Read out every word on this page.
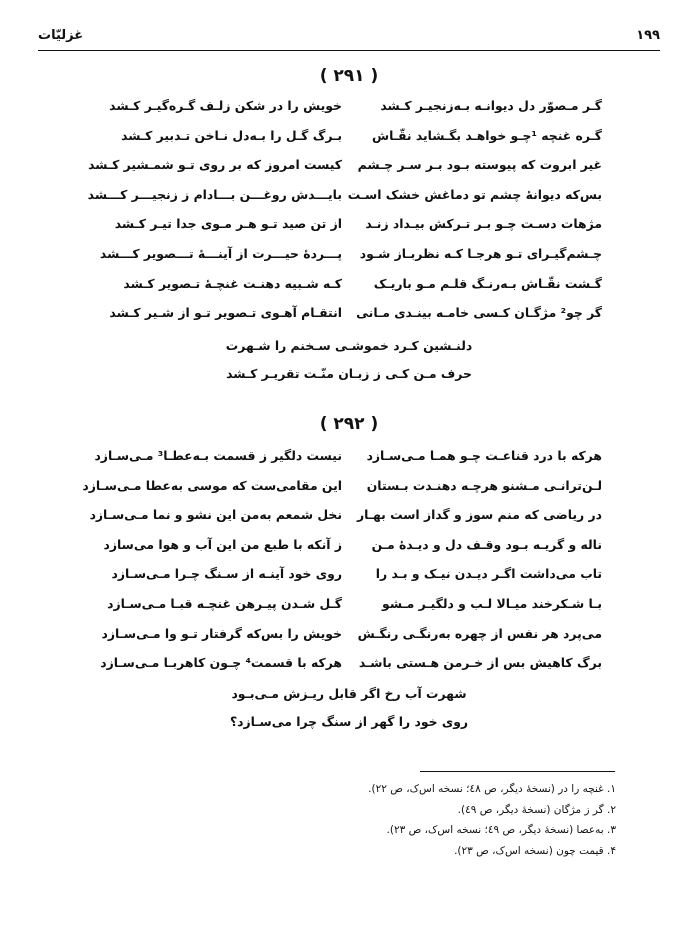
۱۹۹
غزلیّات
( ۲۹۱ )
گـر مـصوّر دل دیوانـه بـه‌زنجیـر کـشد
خویش را در شکن زلـف گـره‌گیـر کـشد
گـره غنچه ¹چـو خواهـد بگـشاید نقّـاش
بـرگ گـل را بـه‌دل نـاخن تـدبیر کـشد
غیر ابروت که پیوسته بـود بـر سـر چـشم
کیست امروز که بر روی تـو شمـشیر کـشد
بس‌که دیوانهٔ چشم تو دماغش خشک اسـت
بایـــدش روغـــن بـــادام ز زنجیـــر کـــشد
مژهات دسـت چـو بـر تـرکش بیـداد زنـد
از تن صید تـو هـر مـوی جدا تیـر کـشد
چـشم‌گیـرای تـو هرجـا کـه نظربـاز شـود
پـــردهٔ حیـــرت از آینـــهٔ تـــصویر کـــشد
گـشت نقّـاش بـه‌رنـگ قلـم مـو باریـک
کـه شـبیه دهنـت غنچـهٔ تـصویر کـشد
گر چو² مژگـان کـسی خامـه بینـدی مـانی
انتقـام آهـوی تـصویر تـو از شـیر کـشد
دلنـشین کـرد خموشـی سـخنم را شـهرت
حرف مـن کـی ز زبـان منّـت تقریـر کـشد
( ۲۹۲ )
هرکه با درد قناعـت چـو همـا مـی‌سـازد
نیست دلگیر ز قسمت بـه‌عطـا³ مـی‌سـازد
لـن‌ترانـی مـشنو هرچـه دهنـدت بـستان
این مقامی‌ست که موسی به‌عطا مـی‌سـازد
در ریاضی که منم سوز و گداز است بهـار
نخل شمعم به‌من این نشو و نما مـی‌سـازد
ناله و گریـه بـود وقـف دل و دیـدهٔ مـن
ز آنکه با طبع من این آب و هوا می‌سازد
تاب می‌داشت اگـر دیـدن نیـک و بـد را
روی خود آینـه از سـنگ چـرا مـی‌سـازد
بـا شـکرخند میـالا لـب و دلگیـر مـشو
گـل شـدن پیـرهن غنچـه قبـا مـی‌سـازد
می‌پرد هر نفس از چهره به‌رنگـی رنگـش
خویش را بس‌که گرفتار تـو وا مـی‌سـازد
برگ کاهیش بس از خـرمن هـستی باشـد
هرکه با قسمت⁴ چـون کاهربـا مـی‌سـازد
شهرت آب رخ اگر قابل ریـزش مـی‌بـود
روی خود را گهر از سنگ چرا می‌سـازد؟
۱. غنچه را در (نسخهٔ دیگر، ص ٤٨؛ نسخه اس‌ک، ص ۲۲).
۲. گر ز مژگان (نسخهٔ دیگر، ص ٤٩).
۳. به‌عصا (نسخهٔ دیگر، ص ٤٩؛ نسخه اس‌ک، ص ۲۳).
۴. قیمت چون (نسخه اس‌ک، ص ۲۳).
